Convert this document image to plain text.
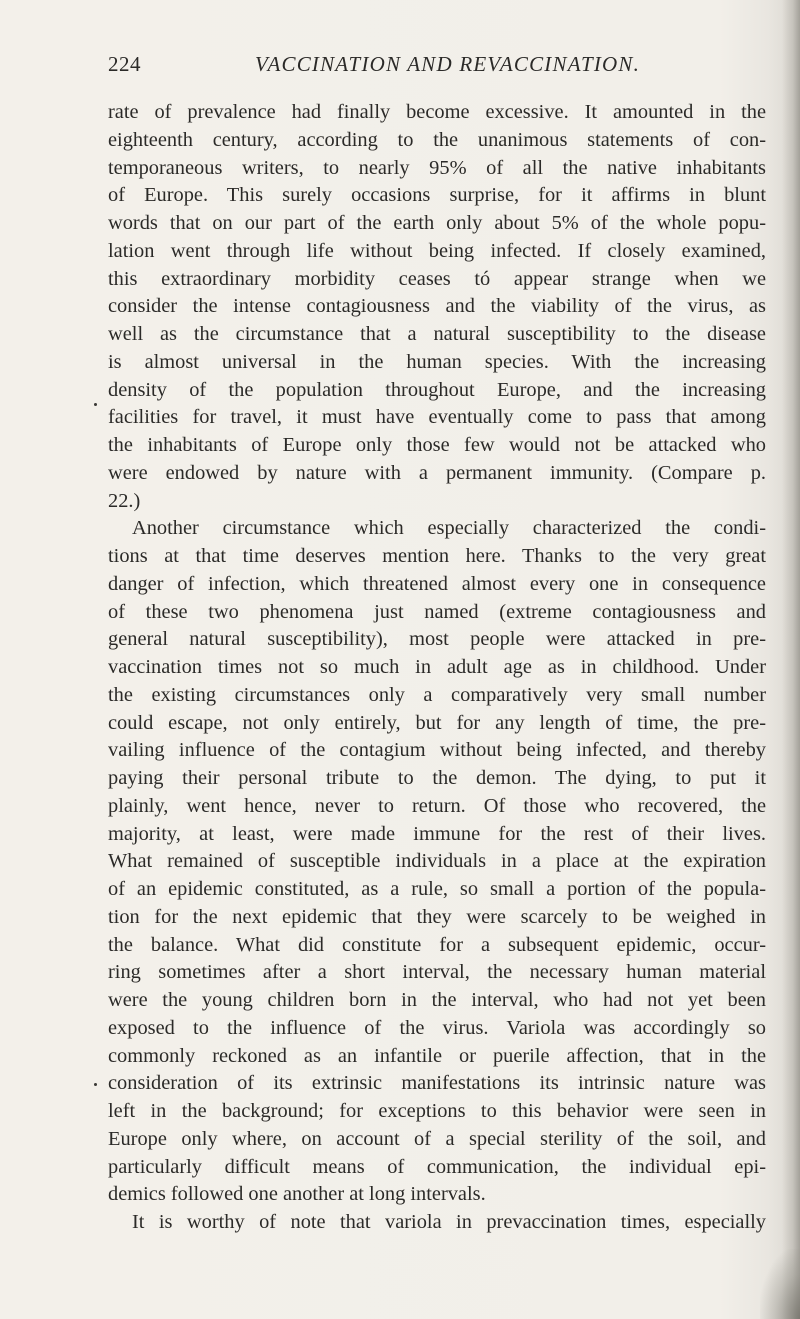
224	VACCINATION AND REVACCINATION.
rate of prevalence had finally become excessive. It amounted in the
eighteenth century, according to the unanimous statements of con-
temporaneous writers, to nearly 95% of all the native inhabitants
of Europe. This surely occasions surprise, for it affirms in blunt
words that on our part of the earth only about 5% of the whole popu-
lation went through life without being infected. If closely examined,
this extraordinary morbidity ceases tó appear strange when we
consider the intense contagiousness and the viability of the virus, as
well as the circumstance that a natural susceptibility to the disease
is almost universal in the human species. With the increasing
density of the population throughout Europe, and the increasing
facilities for travel, it must have eventually come to pass that among
the inhabitants of Europe only those few would not be attacked who
were endowed by nature with a permanent immunity. (Compare p.
22.)
Another circumstance which especially characterized the condi-
tions at that time deserves mention here. Thanks to the very great
danger of infection, which threatened almost every one in consequence
of these two phenomena just named (extreme contagiousness and
general natural susceptibility), most people were attacked in pre-
vaccination times not so much in adult age as in childhood. Under
the existing circumstances only a comparatively very small number
could escape, not only entirely, but for any length of time, the pre-
vailing influence of the contagium without being infected, and thereby
paying their personal tribute to the demon. The dying, to put it
plainly, went hence, never to return. Of those who recovered, the
majority, at least, were made immune for the rest of their lives.
What remained of susceptible individuals in a place at the expiration
of an epidemic constituted, as a rule, so small a portion of the popula-
tion for the next epidemic that they were scarcely to be weighed in
the balance. What did constitute for a subsequent epidemic, occur-
ring sometimes after a short interval, the necessary human material
were the young children born in the interval, who had not yet been
exposed to the influence of the virus. Variola was accordingly so
commonly reckoned as an infantile or puerile affection, that in the
consideration of its extrinsic manifestations its intrinsic nature was
left in the background; for exceptions to this behavior were seen in
Europe only where, on account of a special sterility of the soil, and
particularly difficult means of communication, the individual epi-
demics followed one another at long intervals.
It is worthy of note that variola in prevaccination times, especially
